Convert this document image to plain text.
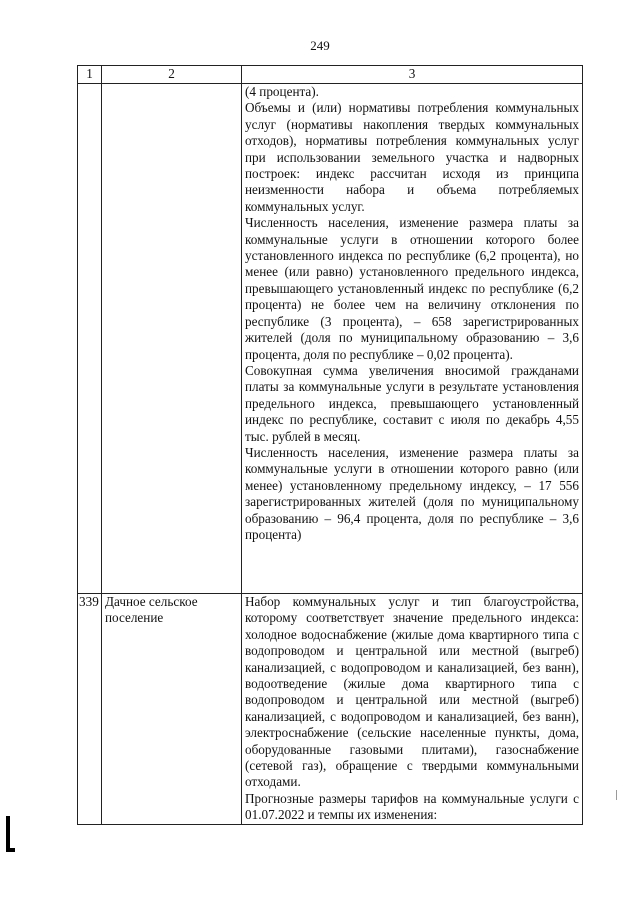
249
1	2	3

		(4 процента).
Объемы и (или) нормативы потребления коммунальных услуг (нормативы накопления твердых коммунальных отходов), нормативы потребления коммунальных услуг при использовании земельного участка и надворных построек: индекс рассчитан исходя из принципа неизменности набора и объема потребляемых коммунальных услуг.
Численность населения, изменение размера платы за коммунальные услуги в отношении которого более установленного индекса по республике (6,2 процента), но менее (или равно) установленного предельного индекса, превышающего установленный индекс по республике (6,2 процента) не более чем на величину отклонения по республике (3 процента), – 658 зарегистрированных жителей (доля по муниципальному образованию – 3,6 процента, доля по республике – 0,02 процента).
Совокупная сумма увеличения вносимой гражданами платы за коммунальные услуги в результате установления предельного индекса, превышающего установленный индекс по республике, составит с июля по декабрь 4,55 тыс. рублей в месяц.
Численность населения, изменение размера платы за коммунальные услуги в отношении которого равно (или менее) установленному предельному индексу, – 17 556 зарегистрированных жителей (доля по муниципальному образованию – 96,4 процента, доля по республике – 3,6 процента)

339	Дачное сельское поселение	Набор коммунальных услуг и тип благоустройства, которому соответствует значение предельного индекса: холодное водоснабжение (жилые дома квартирного типа с водопроводом и центральной или местной (выгреб) канализацией, с водопроводом и канализацией, без ванн), водоотведение (жилые дома квартирного типа с водопроводом и центральной или местной (выгреб) канализацией, с водопроводом и канализацией, без ванн), электроснабжение (сельские населенные пункты, дома, оборудованные газовыми плитами), газоснабжение (сетевой газ), обращение с твердыми коммунальными отходами.
Прогнозные размеры тарифов на коммунальные услуги с 01.07.2022 и темпы их изменения:
